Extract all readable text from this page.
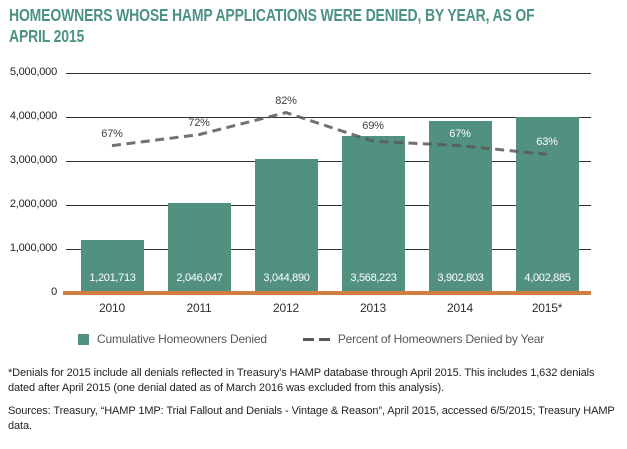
HOMEOWNERS WHOSE HAMP APPLICATIONS WERE DENIED, BY YEAR, AS OF
APRIL 2015
0
1,000,000
2,000,000
3,000,000
4,000,000
5,000,000
1,201,713	2,046,047	3,044,890	3,568,223	3,902,803	4,002,885
67%
72%
82%
69%
67%
63%
2010	2011	2012	2013	2014	2015*
Cumulative Homeowners Denied	Percent of Homeowners Denied by Year

*Denials for 2015 include all denials reflected in Treasury’s HAMP database through April 2015. This includes 1,632 denials dated after April 2015 (one denial dated as of March 2016 was excluded from this analysis).

Sources: Treasury, “HAMP 1MP: Trial Fallout and Denials - Vintage & Reason”, April 2015, accessed 6/5/2015; Treasury HAMP data.
